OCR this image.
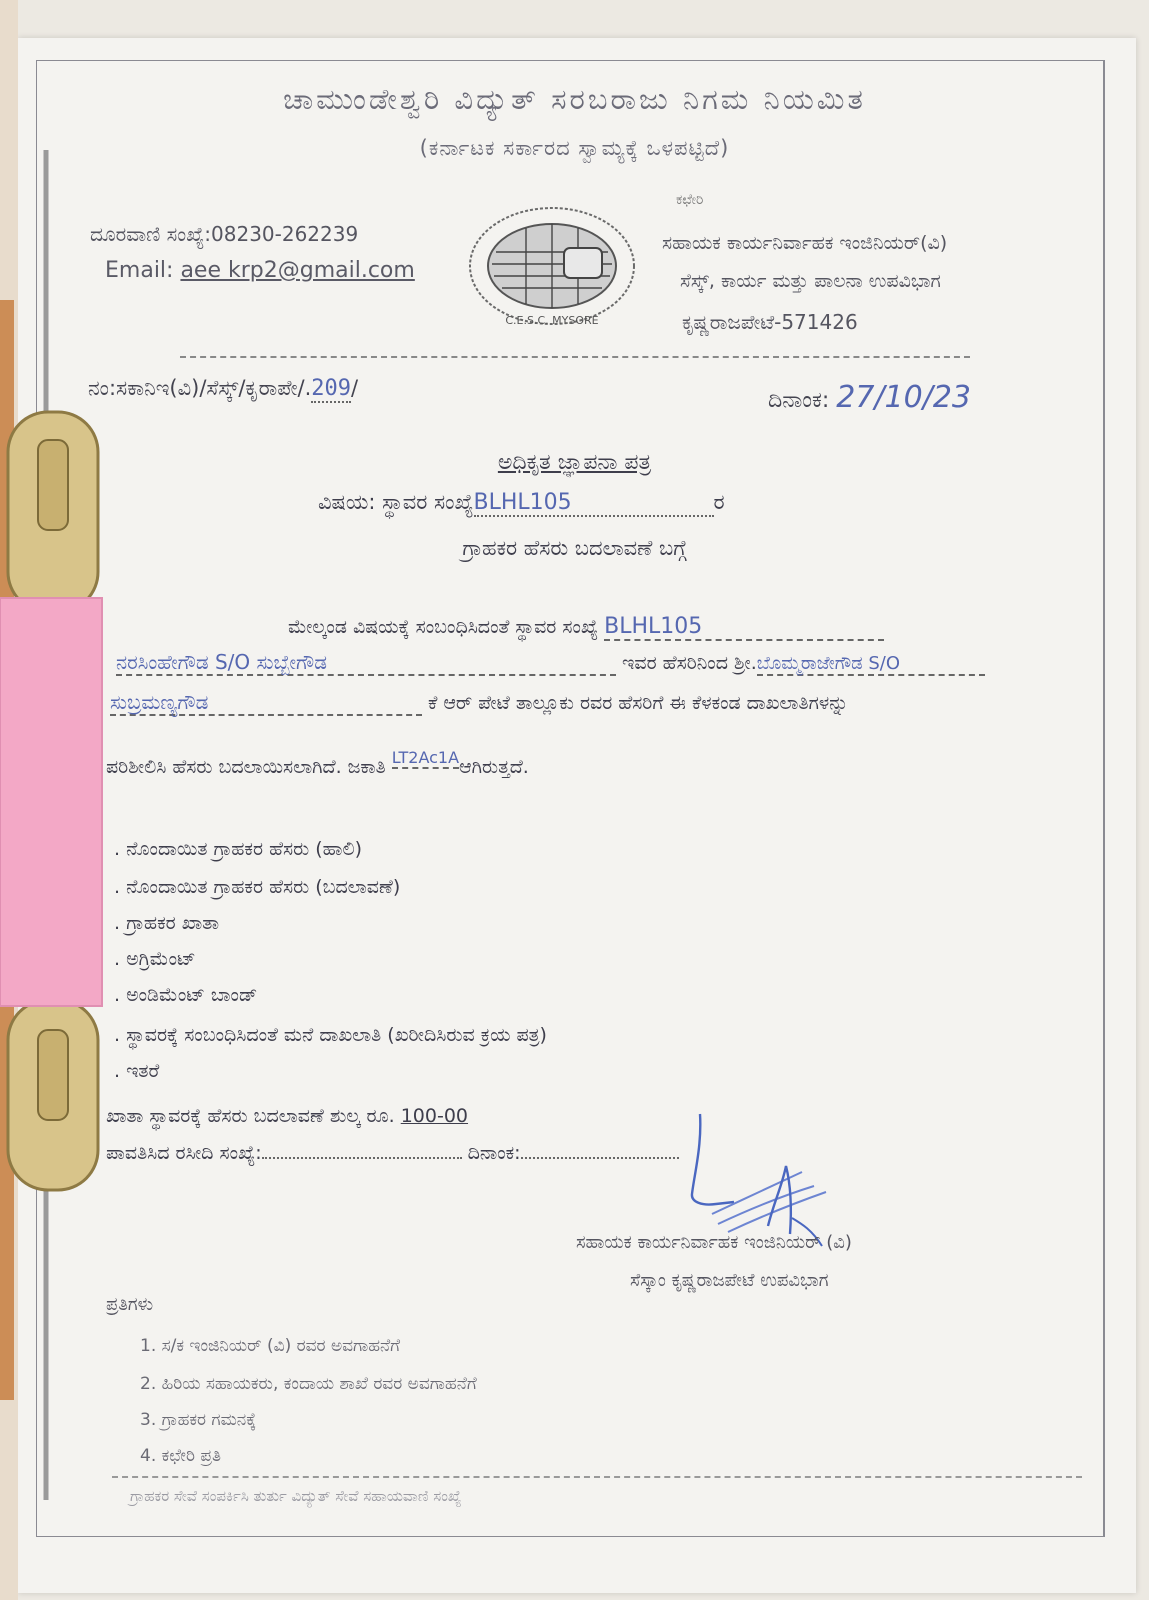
ಚಾಮುಂಡೇಶ್ವರಿ ವಿದ್ಯುತ್ ಸರಬರಾಜು ನಿಗಮ ನಿಯಮಿತ
(ಕರ್ನಾಟಕ ಸರ್ಕಾರದ ಸ್ವಾಮ್ಯಕ್ಕೆ ಒಳಪಟ್ಟಿದೆ)
ದೂರವಾಣಿ ಸಂಖ್ಯೆ:08230-262239
Email: aee krp2@gmail.com
C.E.S.C. MYSORE
ಕಛೇರಿ
ಸಹಾಯಕ ಕಾರ್ಯನಿರ್ವಾಹಕ ಇಂಜಿನಿಯರ್(ವಿ)
ಸೆಸ್ಕ್, ಕಾರ್ಯ ಮತ್ತು ಪಾಲನಾ ಉಪವಿಭಾಗ
ಕೃಷ್ಣರಾಜಪೇಟೆ-571426
ನಂ:ಸಕಾನಿಇ(ವಿ)/ಸೆಸ್ಕ್/ಕೃರಾಪೇ/.209/	ದಿನಾಂಕ: 27/10/23
ಅಧಿಕೃತ ಜ್ಞಾಪನಾ ಪತ್ರ
ವಿಷಯ: ಸ್ಥಾವರ ಸಂಖ್ಯೆBLHL105	ರ
ಗ್ರಾಹಕರ ಹೆಸರು ಬದಲಾವಣೆ ಬಗ್ಗೆ
ಮೇಲ್ಕಂಡ ವಿಷಯಕ್ಕೆ ಸಂಬಂಧಿಸಿದಂತೆ ಸ್ಥಾವರ ಸಂಖ್ಯೆ BLHL105
ನರಸಿಂಹೇಗೌಡ S/O ಸುಬ್ಬೇಗೌಡ	ಇವರ ಹೆಸರಿನಿಂದ ಶ್ರೀ.ಬೊಮ್ಮರಾಜೇಗೌಡ S/O
ಸುಬ್ರಮಣ್ಯಗೌಡ	ಕೆ ಆರ್ ಪೇಟೆ ತಾಲ್ಲೂಕು ರವರ ಹೆಸರಿಗೆ ಈ ಕೆಳಕಂಡ ದಾಖಲಾತಿಗಳನ್ನು
ಪರಿಶೀಲಿಸಿ ಹೆಸರು ಬದಲಾಯಿಸಲಾಗಿದೆ. ಜಕಾತಿ LT2Ac1Aಆಗಿರುತ್ತದೆ.
. ನೊಂದಾಯಿತ ಗ್ರಾಹಕರ ಹೆಸರು (ಹಾಲಿ)
. ನೊಂದಾಯಿತ ಗ್ರಾಹಕರ ಹೆಸರು (ಬದಲಾವಣೆ)
. ಗ್ರಾಹಕರ ಖಾತಾ
. ಅಗ್ರಿಮೆಂಟ್
. ಅಂಡಿಮೆಂಟ್ ಬಾಂಡ್
. ಸ್ಥಾವರಕ್ಕೆ ಸಂಬಂಧಿಸಿದಂತೆ ಮನೆ ದಾಖಲಾತಿ (ಖರೀದಿಸಿರುವ ಕ್ರಯ ಪತ್ರ)
. ಇತರೆ
ಖಾತಾ ಸ್ಥಾವರಕ್ಕೆ ಹೆಸರು ಬದಲಾವಣೆ ಶುಲ್ಕ ರೂ. 100-00
ಪಾವತಿಸಿದ ರಸೀದಿ ಸಂಖ್ಯೆ:	ದಿನಾಂಕ:
ಸಹಾಯಕ ಕಾರ್ಯನಿರ್ವಾಹಕ ಇಂಜಿನಿಯರ್ (ವಿ)
ಸೆಸ್ಕಾಂ ಕೃಷ್ಣರಾಜಪೇಟೆ ಉಪವಿಭಾಗ
ಪ್ರತಿಗಳು
1. ಸ/ಕ ಇಂಜಿನಿಯರ್ (ವಿ) ರವರ ಅವಗಾಹನೆಗೆ
2. ಹಿರಿಯ ಸಹಾಯಕರು, ಕಂದಾಯ ಶಾಖೆ ರವರ ಅವಗಾಹನೆಗೆ
3. ಗ್ರಾಹಕರ ಗಮನಕ್ಕೆ
4. ಕಛೇರಿ ಪ್ರತಿ
ಗ್ರಾಹಕರ ಸೇವೆ ಸಂಪರ್ಕಿಸಿ ತುರ್ತು ವಿದ್ಯುತ್ ಸೇವೆ ಸಹಾಯವಾಣಿ ಸಂಖ್ಯೆ
